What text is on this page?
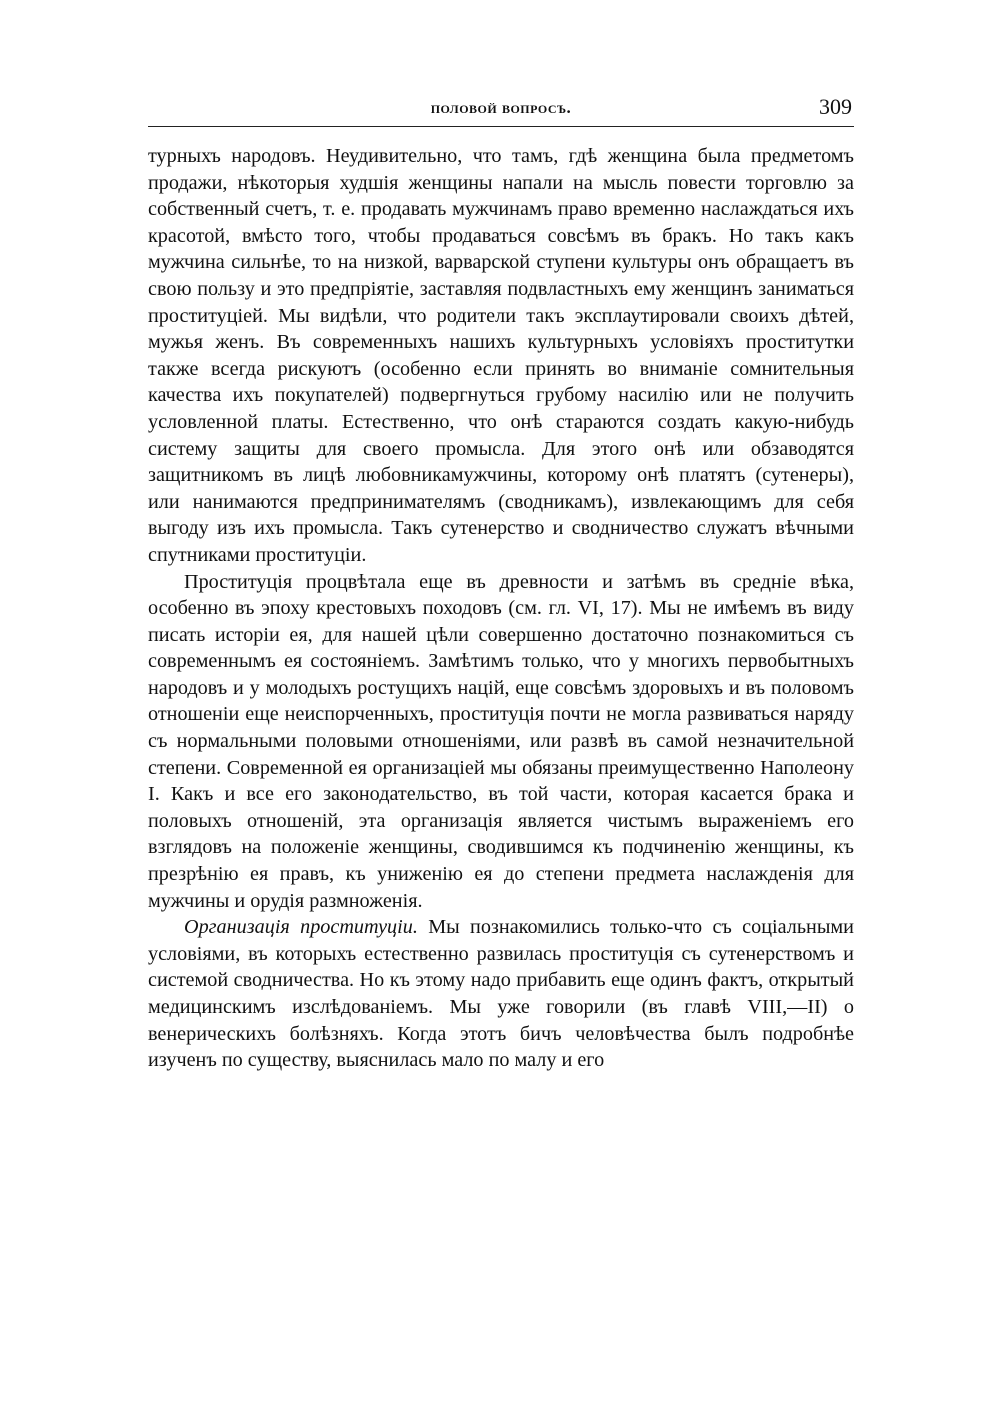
половой вопросъ.	309

турныхъ народовъ. Неудивительно, что тамъ, гдѣ женщина была предметомъ продажи, нѣкоторыя худшія женщины напали на мысль повести торговлю за собственный счетъ, т. е. продавать мужчинамъ право временно наслаждаться ихъ красотой, вмѣсто того, чтобы продаваться совсѣмъ въ бракъ. Но такъ какъ мужчина сильнѣе, то на низкой, варварской ступени культуры онъ обращаетъ въ свою пользу и это предпріятіе, заставляя подвластныхъ ему женщинъ заниматься проституціей. Мы видѣли, что родители такъ эксплаутировали своихъ дѣтей, мужья женъ. Въ современныхъ нашихъ культурныхъ условіяхъ проститутки также всегда рискуютъ (особенно если принять во вниманіе сомнительныя качества ихъ покупателей) подвергнуться грубому насилію или не получить условленной платы. Естественно, что онѣ стараются создать какую-нибудь систему защиты для своего промысла. Для этого онѣ или обзаводятся защитникомъ въ лицѣ любовникамужчины, которому онѣ платятъ (сутенеры), или нанимаются предпринимателямъ (сводникамъ), извлекающимъ для себя выгоду изъ ихъ промысла. Такъ сутенерство и сводничество служатъ вѣчными спутниками проституціи.

Проституція процвѣтала еще въ древности и затѣмъ въ средніе вѣка, особенно въ эпоху крестовыхъ походовъ (см. гл. VI, 17). Мы не имѣемъ въ виду писать исторіи ея, для нашей цѣли совершенно достаточно познакомиться съ современнымъ ея состояніемъ. Замѣтимъ только, что у многихъ первобытныхъ народовъ и у молодыхъ ростущихъ націй, еще совсѣмъ здоровыхъ и въ половомъ отношеніи еще неиспорченныхъ, проституція почти не могла развиваться наряду съ нормальными половыми отношеніями, или развѣ въ самой незначительной степени. Современной ея организаціей мы обязаны преимущественно Наполеону I. Какъ и все его законодательство, въ той части, которая касается брака и половыхъ отношеній, эта организація является чистымъ выраженіемъ его взглядовъ на положеніе женщины, сводившимся къ подчиненію женщины, къ презрѣнію ея правъ, къ униженію ея до степени предмета наслажденія для мужчины и орудія размноженія.

Организація проституціи. Мы познакомились только-что съ соціальными условіями, въ которыхъ естественно развилась проституція съ сутенерствомъ и системой сводничества. Но къ этому надо прибавить еще одинъ фактъ, открытый медицинскимъ изслѣдованіемъ. Мы уже говорили (въ главѣ VIII,—II) о венерическихъ болѣзняхъ. Когда этотъ бичъ человѣчества былъ подробнѣе изученъ по существу, выяснилась мало по малу и его
